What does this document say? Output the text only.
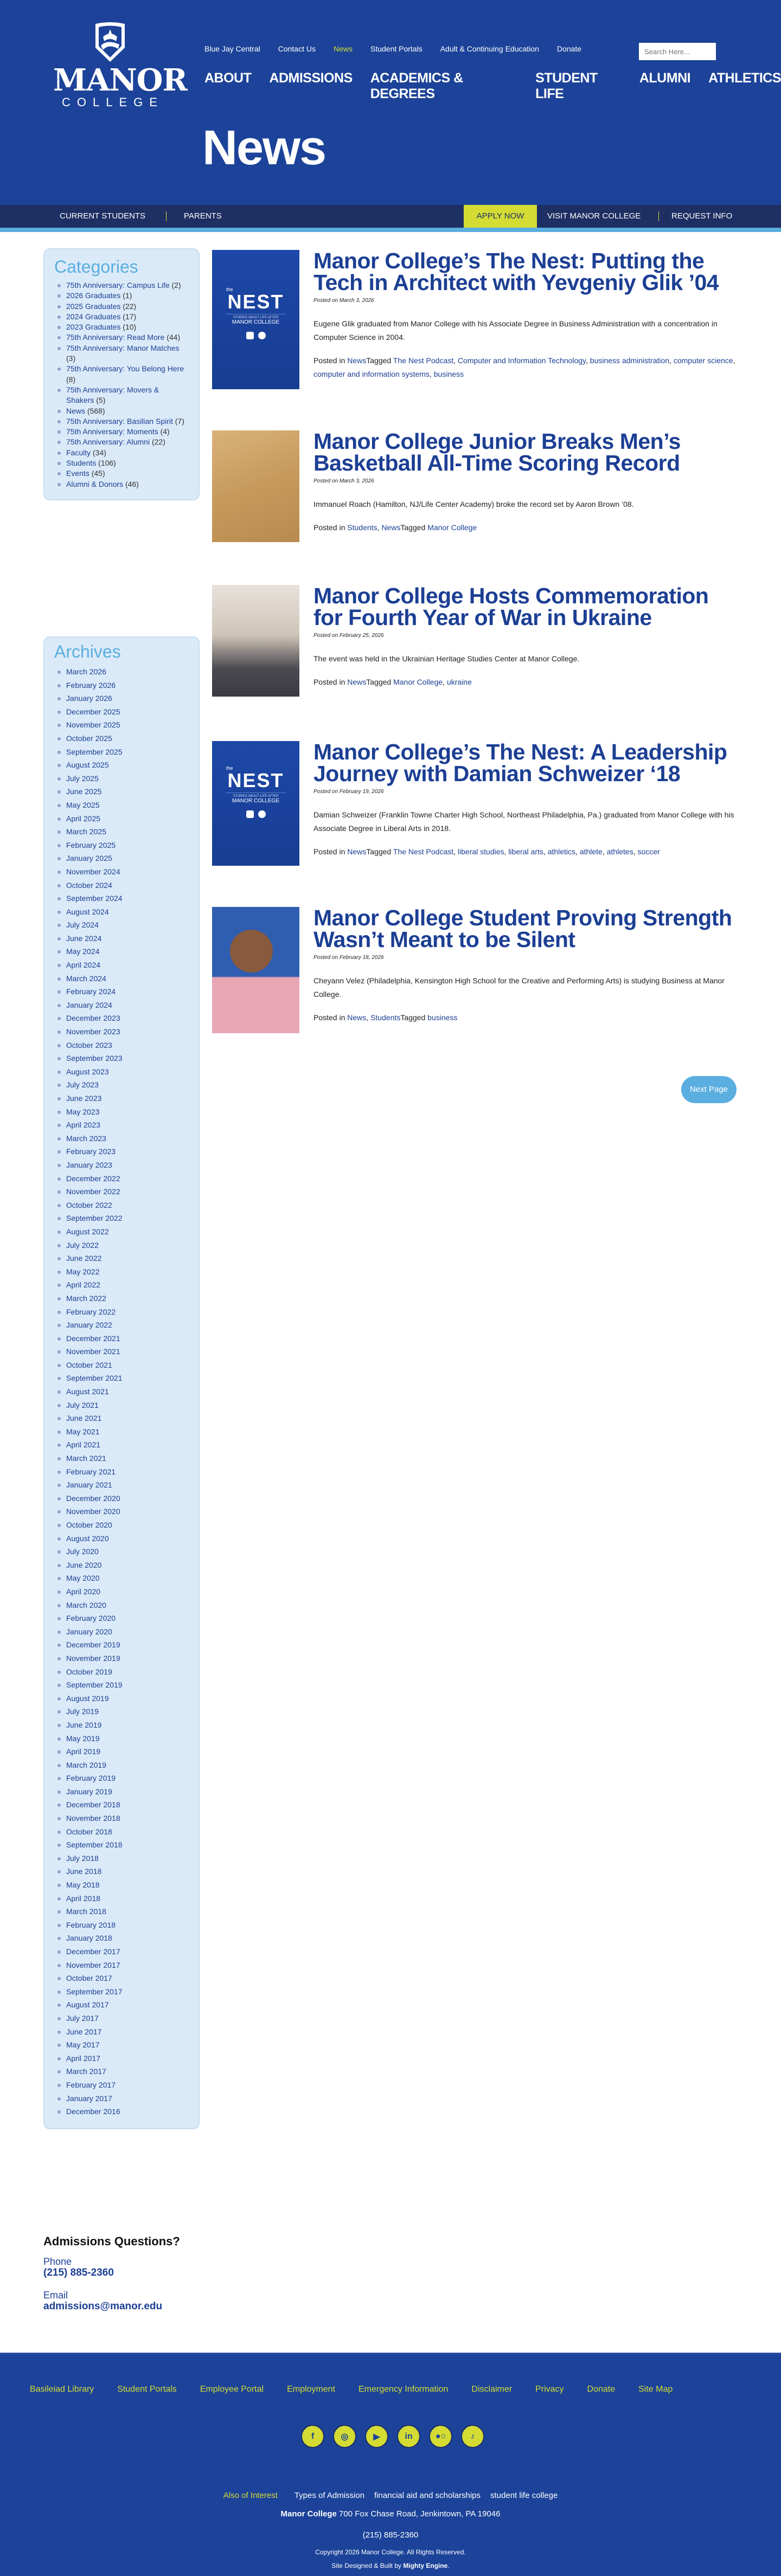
MANOR
COLLEGE
Blue Jay Central Contact Us News Student Portals Adult & Continuing Education Donate
Search Here...
ABOUT ADMISSIONS ACADEMICS & DEGREES
STUDENT LIFE
ALUMNI ATHLETICS
News
CURRENT STUDENTS	PARENTS	APPLY NOW	VISIT MANOR COLLEGE	REQUEST INFO
Categories
◦ 75th Anniversary: Campus Life (2)
◦ 2026 Graduates (1)
◦ 2025 Graduates (22)
◦ 2024 Graduates (17)
◦ 2023 Graduates (10)
◦ 75th Anniversary: Read More (44)
◦ 75th Anniversary: Manor Matches (3)
◦ 75th Anniversary: You Belong Here (8)
◦ 75th Anniversary: Movers & Shakers (5)
◦ News (568)
◦ 75th Anniversary: Basilian Spirit (7)
◦ 75th Anniversary: Moments (4)
◦ 75th Anniversary: Alumni (22)
◦ Faculty (34)
◦ Students (106)
◦ Events (45)
◦ Alumni & Donors (46)
Archives
◦ March 2026
◦ February 2026
◦ January 2026
◦ December 2025
◦ November 2025
◦ October 2025
◦ September 2025
◦ August 2025
◦ July 2025
◦ June 2025
◦ May 2025
◦ April 2025
◦ March 2025
◦ February 2025
◦ January 2025
◦ November 2024
◦ October 2024
◦ September 2024
◦ August 2024
◦ July 2024
◦ June 2024
◦ May 2024
◦ April 2024
◦ March 2024
◦ February 2024
◦ January 2024
◦ December 2023
◦ November 2023
◦ October 2023
◦ September 2023
◦ August 2023
◦ July 2023
◦ June 2023
◦ May 2023
◦ April 2023
◦ March 2023
◦ February 2023
◦ January 2023
◦ December 2022
◦ November 2022
◦ October 2022
◦ September 2022
◦ August 2022
◦ July 2022
◦ June 2022
◦ May 2022
◦ April 2022
◦ March 2022
◦ February 2022
◦ January 2022
◦ December 2021
◦ November 2021
◦ October 2021
◦ September 2021
◦ August 2021
◦ July 2021
◦ June 2021
◦ May 2021
◦ April 2021
◦ March 2021
◦ February 2021
◦ January 2021
◦ December 2020
◦ November 2020
◦ October 2020
◦ August 2020
◦ July 2020
◦ June 2020
◦ May 2020
◦ April 2020
◦ March 2020
◦ February 2020
◦ January 2020
◦ December 2019
◦ November 2019
◦ October 2019
◦ September 2019
◦ August 2019
◦ July 2019
◦ June 2019
◦ May 2019
◦ April 2019
◦ March 2019
◦ February 2019
◦ January 2019
◦ December 2018
◦ November 2018
◦ October 2018
◦ September 2018
◦ July 2018
◦ June 2018
◦ May 2018
◦ April 2018
◦ March 2018
◦ February 2018
◦ January 2018
◦ December 2017
◦ November 2017
◦ October 2017
◦ September 2017
◦ August 2017
◦ July 2017
◦ June 2017
◦ May 2017
◦ April 2017
◦ March 2017
◦ February 2017
◦ January 2017
◦ December 2016
Admissions Questions?
Phone
(215) 885-2360
Email
admissions@manor.edu
the
NEST
STORIES ABOUT LIFE AFTER
MANOR COLLEGE
Manor College’s The Nest: Putting the Tech in Architect with Yevgeniy Glik ’04
Posted on March 3, 2026

Eugene Glik graduated from Manor College with his Associate Degree in Business Administration with a concentration in Computer Science in 2004.

Posted in NewsTagged The Nest Podcast, Computer and Information Technology, business administration, computer science, computer and information systems, business
Manor College Junior Breaks Men’s Basketball All-Time Scoring Record
Posted on March 3, 2026

Immanuel Roach (Hamilton, NJ/Life Center Academy) broke the record set by Aaron Brown ’08.

Posted in Students, NewsTagged Manor College
Manor College Hosts Commemoration for Fourth Year of War in Ukraine
Posted on February 25, 2026

The event was held in the Ukrainian Heritage Studies Center at Manor College.

Posted in NewsTagged Manor College, ukraine
the
NEST
STORIES ABOUT LIFE AFTER
MANOR COLLEGE
Manor College’s The Nest: A Leadership Journey with Damian Schweizer ‘18
Posted on February 19, 2026

Damian Schweizer (Franklin Towne Charter High School, Northeast Philadelphia, Pa.) graduated from Manor College with his Associate Degree in Liberal Arts in 2018.

Posted in NewsTagged The Nest Podcast, liberal studies, liberal arts, athletics, athlete, athletes, soccer
Manor College Student Proving Strength Wasn’t Meant to be Silent
Posted on February 18, 2026

Cheyann Velez (Philadelphia, Kensington High School for the Creative and Performing Arts) is studying Business at Manor College.

Posted in News, StudentsTagged business
Next Page
Basileiad Library	Student Portals	Employee Portal	Employment	Emergency Information	Disclaimer	Privacy	Donate	Site Map
f	◎	▶	in	●○	♪
Also of Interest Types of Admission financial aid and scholarships student life college
Manor College 700 Fox Chase Road, Jenkintown, PA 19046
(215) 885-2360
Copyright 2026 Manor College. All Rights Reserved.
Site Designed & Built by Mighty Engine.
